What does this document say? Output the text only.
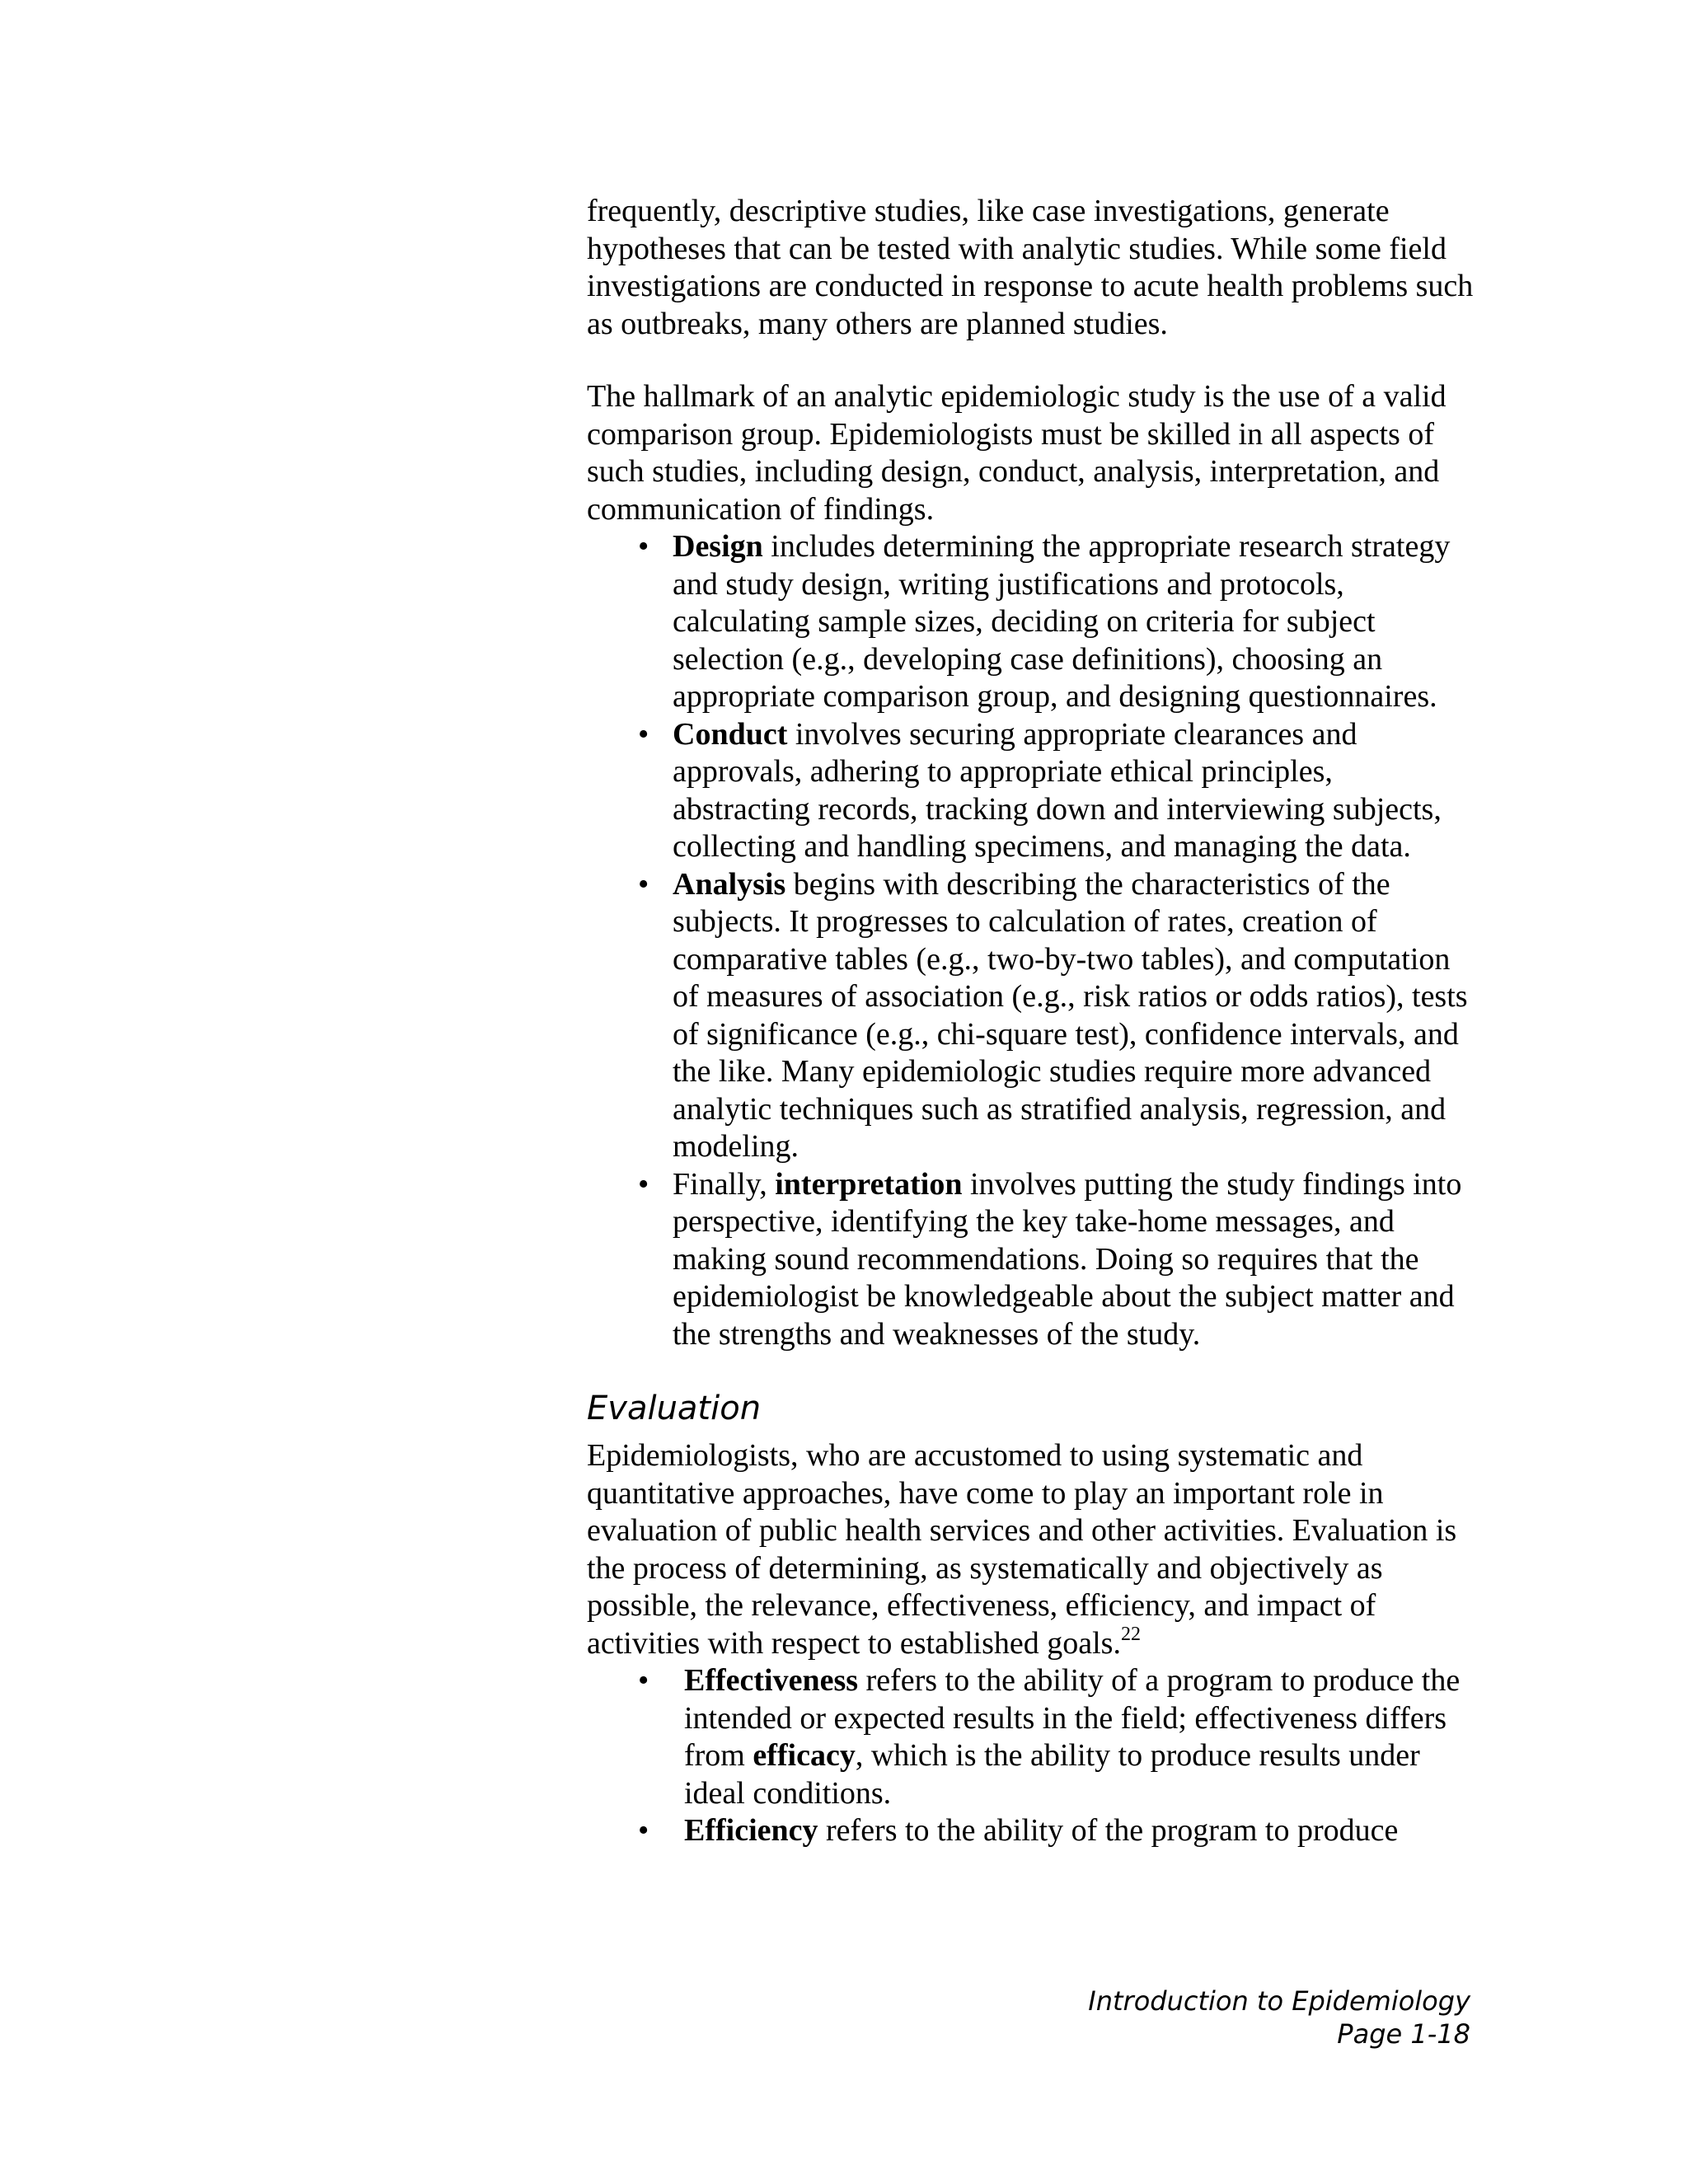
frequently, descriptive studies, like case investigations, generate hypotheses that can be tested with analytic studies. While some field investigations are conducted in response to acute health problems such as outbreaks, many others are planned studies.

The hallmark of an analytic epidemiologic study is the use of a valid comparison group. Epidemiologists must be skilled in all aspects of such studies, including design, conduct, analysis, interpretation, and communication of findings.

• Design includes determining the appropriate research strategy and study design, writing justifications and protocols, calculating sample sizes, deciding on criteria for subject selection (e.g., developing case definitions), choosing an appropriate comparison group, and designing questionnaires.
• Conduct involves securing appropriate clearances and approvals, adhering to appropriate ethical principles, abstracting records, tracking down and interviewing subjects, collecting and handling specimens, and managing the data.
• Analysis begins with describing the characteristics of the subjects. It progresses to calculation of rates, creation of comparative tables (e.g., two-by-two tables), and computation of measures of association (e.g., risk ratios or odds ratios), tests of significance (e.g., chi-square test), confidence intervals, and the like. Many epidemiologic studies require more advanced analytic techniques such as stratified analysis, regression, and modeling.
• Finally, interpretation involves putting the study findings into perspective, identifying the key take-home messages, and making sound recommendations. Doing so requires that the epidemiologist be knowledgeable about the subject matter and the strengths and weaknesses of the study.
Evaluation

Epidemiologists, who are accustomed to using systematic and quantitative approaches, have come to play an important role in evaluation of public health services and other activities. Evaluation is the process of determining, as systematically and objectively as possible, the relevance, effectiveness, efficiency, and impact of activities with respect to established goals.$^{22}$

• Effectiveness refers to the ability of a program to produce the intended or expected results in the field; effectiveness differs from efficacy, which is the ability to produce results under ideal conditions.
• Efficiency refers to the ability of the program to produce
Introduction to Epidemiology
Page 1-18
